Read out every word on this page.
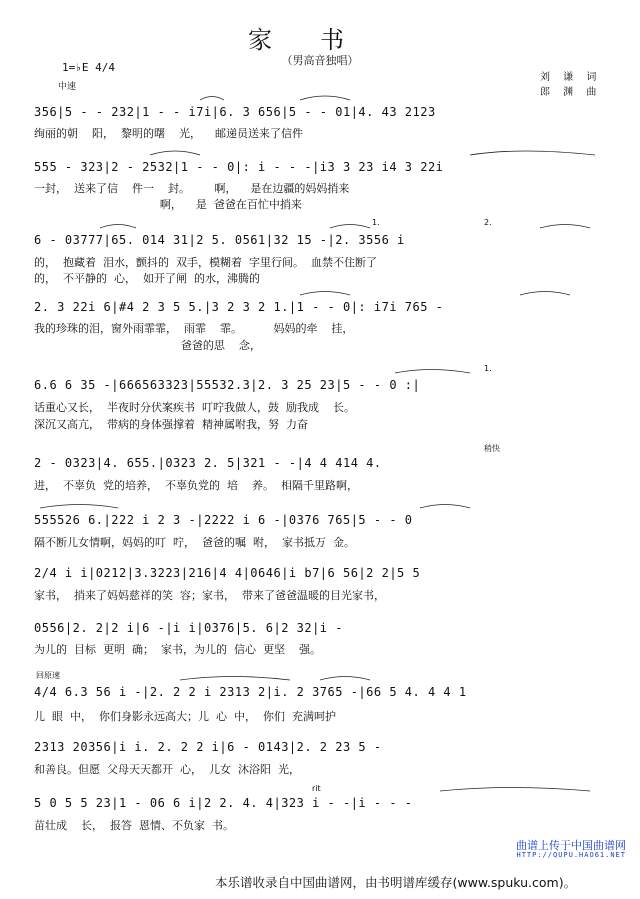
家书
（男高音独唱）
1=♭E 4/4
中速
刘 谦 词
郎 渊 曲
356|5 - - 232|1 - - i7i|6. 3 656|5 - - 01|4. 43 2123
绚丽的朝    阳，  黎明的曙    光，    邮递员送来了信件
555 - 323|2 - 2532|1 - - 0|: i - - -|i3 3 23 i4 3 22i
一封，  送来了信    件一    封。       啊，    是在边疆的妈妈捎来
啊，    是  爸爸在百忙中捎来
1.	2.
6 - 03777|65. 014 31|2 5. 0561|32 15 -|2. 3556 i
的，  抱藏着  泪水，颤抖的  双手，模糊着  字里行间。  血禁不住断了
的，  不平静的  心，  如开了闸  的水，沸腾的
2. 3 22i 6|#4 2 3 5 5.|3 2 3 2 1.|1 - - 0|: i7i 765 -
我的珍珠的泪，窗外雨霏霏，  雨霏    霏。         妈妈的牵    挂，
爸爸的思    念，
1.
6.6 6 35 -|666563323|55532.3|2. 3 25 23|5 - - 0 :|
话重心又长，  半夜时分伏案疾书  叮咛我做人，鼓  励我成    长。
深沉又高亢，  带病的身体强撑着  精神属咐我，努  力奋
稍快
2 - 0323|4. 655.|0323 2. 5|321 - -|4 4 414 4.
进，  不辜负  党的培养，  不辜负党的  培    养。  相隔千里路啊，
555526 6.|222 i 2 3 -|2222 i 6 -|0376 765|5 - - 0
隔不断儿女情啊，妈妈的叮  咛，  爸爸的嘱  咐，  家书抵万  金。
2/4 i i|0212|3.3223|216|4 4|0646|i b7|6 56|2 2|5 5
家书，  捎来了妈妈慈祥的笑  容；家书，  带来了爸爸温暖的目光家书，
0556|2. 2|2 i|6 -|i i|0376|5. 6|2 32|i -
为儿的  目标  更明  确；  家书，为儿的  信心  更坚    强。
回原速
4/4 6.3 56 i -|2. 2 2 i 2313 2|i. 2 3765 -|66 5 4. 4 4 1
儿  眼  中，  你们身影永远高大；儿  心  中，  你们  充满呵护
2313 20356|i i. 2. 2 2 i|6 - 0143|2. 2 23 5 -
和善良。但愿  父母天天都开  心，  儿女  沐浴阳  光，
rit
5 0 5 5 23|1 - 06 6 i|2 2. 4. 4|323 i - -|i - - -
苗壮成    长，  报答  恩情、不负家  书。
曲谱上传于中国曲谱网
HTTP://QUPU.HAO61.NET
本乐谱收录自中国曲谱网，由书明谱库缓存(www.spuku.com)。
